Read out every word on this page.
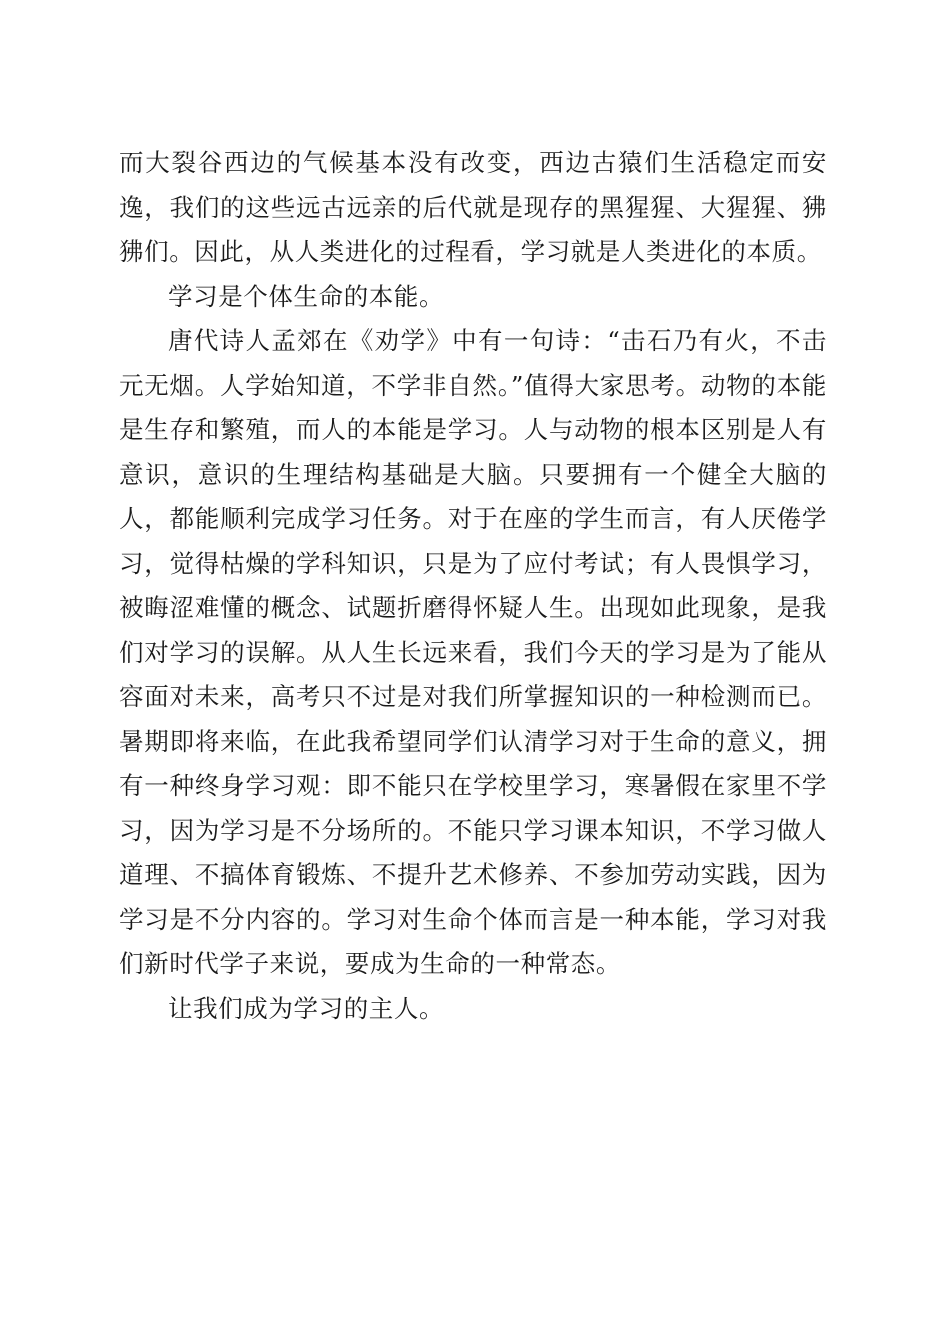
而大裂谷西边的气候基本没有改变，西边古猿们生活稳定而安逸，我们的这些远古远亲的后代就是现存的黑猩猩、大猩猩、狒狒们。因此，从人类进化的过程看，学习就是人类进化的本质。

学习是个体生命的本能。

唐代诗人孟郊在《劝学》中有一句诗：“击石乃有火，不击元无烟。人学始知道，不学非自然。”值得大家思考。动物的本能是生存和繁殖，而人的本能是学习。人与动物的根本区别是人有意识，意识的生理结构基础是大脑。只要拥有一个健全大脑的人，都能顺利完成学习任务。对于在座的学生而言，有人厌倦学习，觉得枯燥的学科知识，只是为了应付考试；有人畏惧学习，被晦涩难懂的概念、试题折磨得怀疑人生。出现如此现象，是我们对学习的误解。从人生长远来看，我们今天的学习是为了能从容面对未来，高考只不过是对我们所掌握知识的一种检测而已。暑期即将来临，在此我希望同学们认清学习对于生命的意义，拥有一种终身学习观：即不能只在学校里学习，寒暑假在家里不学习，因为学习是不分场所的。不能只学习课本知识，不学习做人道理、不搞体育锻炼、不提升艺术修养、不参加劳动实践，因为学习是不分内容的。学习对生命个体而言是一种本能，学习对我们新时代学子来说，要成为生命的一种常态。

让我们成为学习的主人。
